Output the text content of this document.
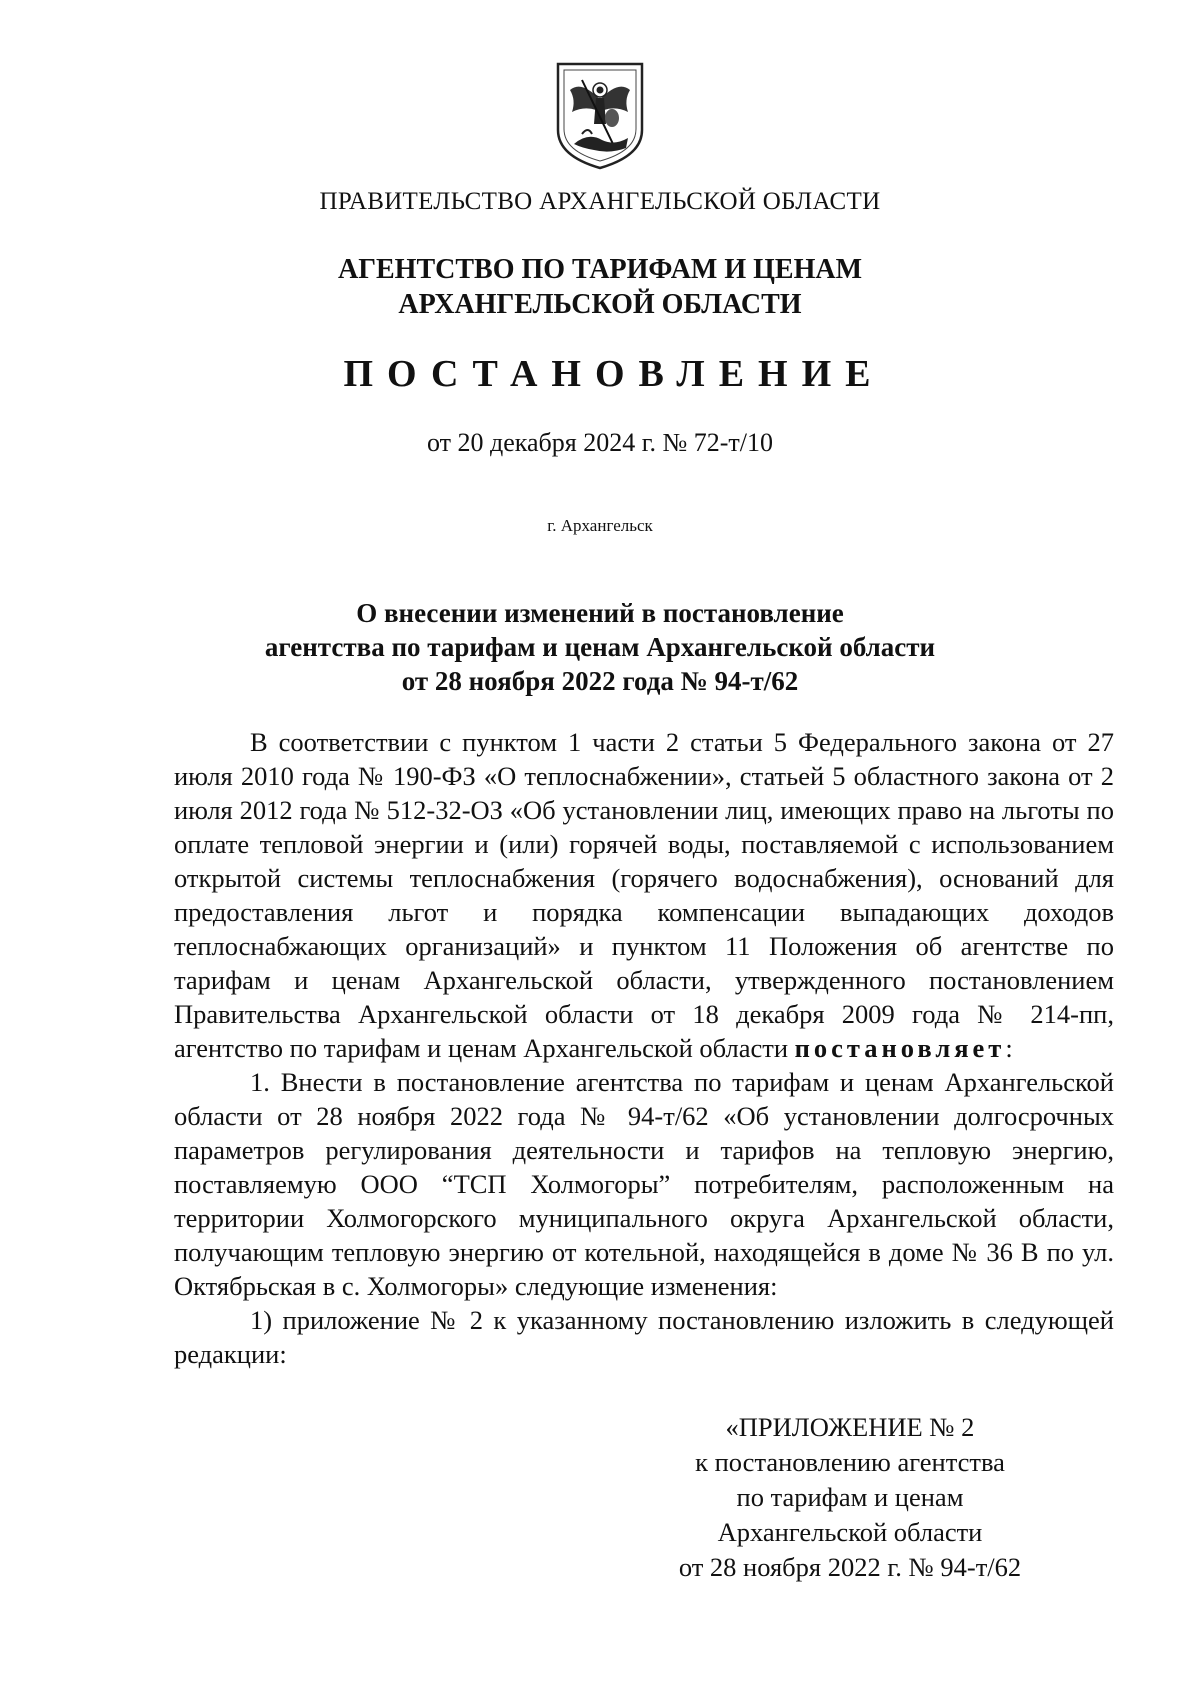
ПРАВИТЕЛЬСТВО АРХАНГЕЛЬСКОЙ ОБЛАСТИ
АГЕНТСТВО ПО ТАРИФАМ И ЦЕНАМ
АРХАНГЕЛЬСКОЙ ОБЛАСТИ
ПОСТАНОВЛЕНИЕ
от 20 декабря 2024 г. № 72-т/10
г. Архангельск
О внесении изменений в постановление
агентства по тарифам и ценам Архангельской области
от 28 ноября 2022 года № 94-т/62

В соответствии с пунктом 1 части 2 статьи 5 Федерального закона от 27 июля 2010 года № 190-ФЗ «О теплоснабжении», статьей 5 областного закона от 2 июля 2012 года № 512-32-ОЗ «Об установлении лиц, имеющих право на льготы по оплате тепловой энергии и (или) горячей воды, поставляемой с использованием открытой системы теплоснабжения (горячего водоснабжения), оснований для предоставления льгот и порядка компенсации выпадающих доходов теплоснабжающих организаций» и пунктом 11 Положения об агентстве по тарифам и ценам Архангельской области, утвержденного постановлением Правительства Архангельской области от 18 декабря 2009 года № 214-пп, агентство по тарифам и ценам Архангельской области постановляет:

1. Внести в постановление агентства по тарифам и ценам Архангельской области от 28 ноября 2022 года № 94-т/62 «Об установлении долгосрочных параметров регулирования деятельности и тарифов на тепловую энергию, поставляемую ООО “ТСП Холмогоры” потребителям, расположенным на территории Холмогорского муниципального округа Архангельской области, получающим тепловую энергию от котельной, находящейся в доме № 36 В по ул. Октябрьская в с. Холмогоры» следующие изменения:

1) приложение № 2 к указанному постановлению изложить в следующей редакции:

«ПРИЛОЖЕНИЕ № 2
к постановлению агентства
по тарифам и ценам
Архангельской области
от 28 ноября 2022 г. № 94-т/62
